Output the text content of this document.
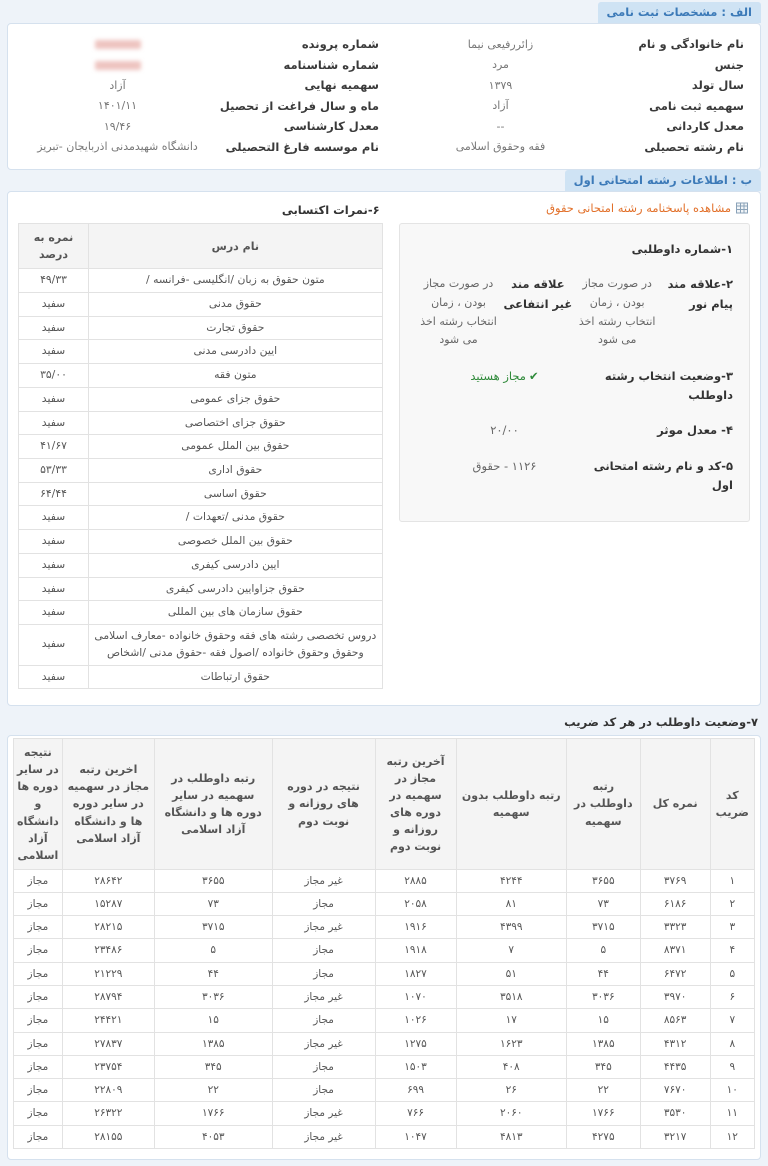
الف : مشخصات ثبت نامی
نام خانوادگی و نام
زائررفیعی نیما
جنس
مرد
سال تولد
۱۳۷۹
سهمیه ثبت نامی
آزاد
معدل کاردانی
--
نام رشته تحصیلی
فقه وحقوق اسلامی
شماره پرونده
شماره شناسنامه
سهمیه نهایی
آزاد
ماه و سال فراغت از تحصیل
۱۴۰۱/۱۱
معدل کارشناسی
۱۹/۴۶
نام موسسه فارغ التحصیلی
دانشگاه شهیدمدنی اذربایجان -تبریز
ب : اطلاعات رشته امتحانی اول
مشاهده پاسخنامه رشته امتحانی حقوق
۱-شماره داوطلبی
۲-علاقه مند پیام نور
در صورت مجاز بودن ، زمان انتخاب رشته اخذ می شود
علاقه مند غیر انتفاعی
در صورت مجاز بودن ، زمان انتخاب رشته اخذ می شود
۳-وضعیت انتخاب رشته داوطلب
✔مجاز هستید
۴- معدل موثر
۲۰/۰۰
۵-کد و نام رشته امتحانی اول
۱۱۲۶ - حقوق
۶-نمرات اکتسابی
نام درس	نمره به درصد
متون حقوق به زبان /انگلیسی -فرانسه /	۴۹/۳۳
حقوق مدنی	سفید
حقوق تجارت	سفید
ایین دادرسی مدنی	سفید
متون فقه	۳۵/۰۰
حقوق جزای عمومی	سفید
حقوق جزای اختصاصی	سفید
حقوق بین الملل عمومی	۴۱/۶۷
حقوق اداری	۵۳/۳۳
حقوق اساسی	۶۴/۴۴
حقوق مدنی /تعهدات /	سفید
حقوق بین الملل خصوصی	سفید
ایین دادرسی کیفری	سفید
حقوق جزاوایین دادرسی کیفری	سفید
حقوق سازمان های بین المللی	سفید
دروس تخصصی رشته های فقه وحقوق خانواده -معارف اسلامی وحقوق وحقوق خانواده /اصول فقه -حقوق مدنی /اشخاص	سفید
حقوق ارتباطات	سفید
۷-وضعیت داوطلب در هر کد ضریب
کد ضریب	نمره کل	رتبه داوطلب در سهمیه	رتبه داوطلب بدون سهمیه	آخرین رتبه مجاز در سهمیه در دوره های روزانه و نوبت دوم	نتیجه در دوره های روزانه و نوبت دوم	رتبه داوطلب در سهمیه در سایر دوره ها و دانشگاه آزاد اسلامی	اخرین رتبه مجاز در سهمیه در سایر دوره ها و دانشگاه آزاد اسلامی	نتیجه در سایر دوره ها و دانشگاه آزاد اسلامی
۱	۳۷۶۹	۳۶۵۵	۴۲۴۴	۲۸۸۵	غیر مجاز	۳۶۵۵	۲۸۶۴۲	مجاز
۲	۶۱۸۶	۷۳	۸۱	۲۰۵۸	مجاز	۷۳	۱۵۲۸۷	مجاز
۳	۳۳۲۳	۳۷۱۵	۴۳۹۹	۱۹۱۶	غیر مجاز	۳۷۱۵	۲۸۲۱۵	مجاز
۴	۸۳۷۱	۵	۷	۱۹۱۸	مجاز	۵	۲۳۴۸۶	مجاز
۵	۶۴۷۲	۴۴	۵۱	۱۸۲۷	مجاز	۴۴	۲۱۲۲۹	مجاز
۶	۳۹۷۰	۳۰۳۶	۳۵۱۸	۱۰۷۰	غیر مجاز	۳۰۳۶	۲۸۷۹۴	مجاز
۷	۸۵۶۳	۱۵	۱۷	۱۰۲۶	مجاز	۱۵	۲۴۴۲۱	مجاز
۸	۴۳۱۲	۱۳۸۵	۱۶۲۳	۱۲۷۵	غیر مجاز	۱۳۸۵	۲۷۸۳۷	مجاز
۹	۴۴۳۵	۳۴۵	۴۰۸	۱۵۰۳	مجاز	۳۴۵	۲۳۷۵۴	مجاز
۱۰	۷۶۷۰	۲۲	۲۶	۶۹۹	مجاز	۲۲	۲۲۸۰۹	مجاز
۱۱	۳۵۳۰	۱۷۶۶	۲۰۶۰	۷۶۶	غیر مجاز	۱۷۶۶	۲۶۳۲۲	مجاز
۱۲	۳۲۱۷	۴۲۷۵	۴۸۱۳	۱۰۴۷	غیر مجاز	۴۰۵۳	۲۸۱۵۵	مجاز
